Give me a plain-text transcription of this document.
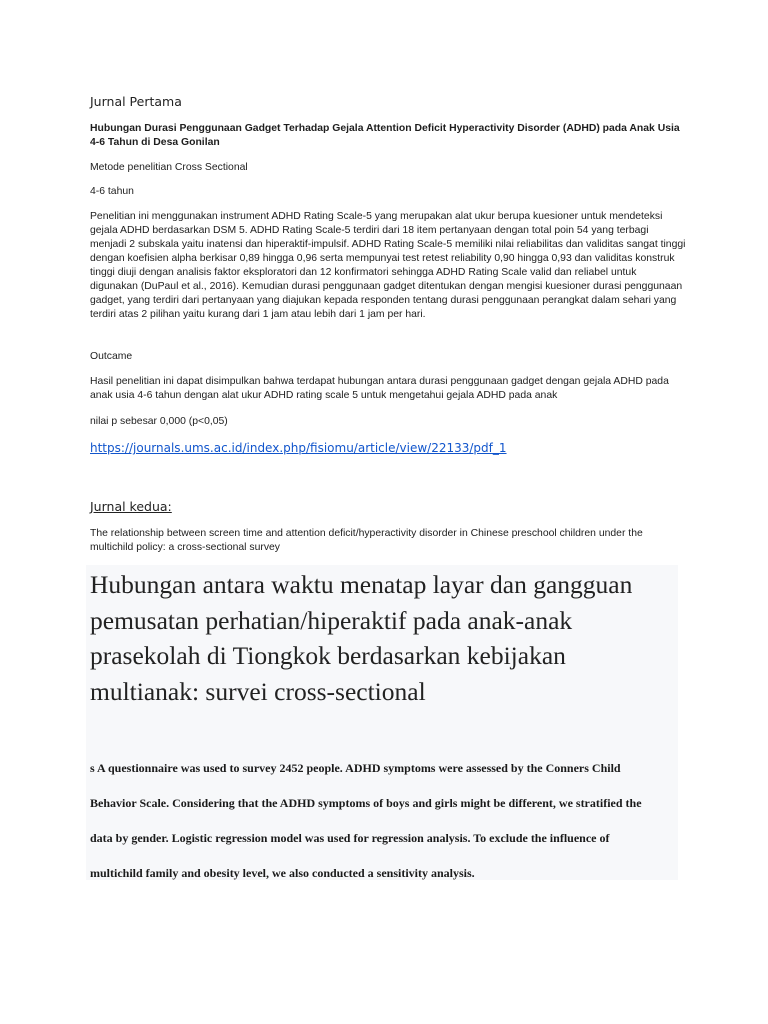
Jurnal Pertama

Hubungan Durasi Penggunaan Gadget Terhadap Gejala Attention Deficit Hyperactivity Disorder (ADHD) pada Anak Usia 4-6 Tahun di Desa Gonilan

Metode penelitian Cross Sectional

4-6 tahun

Penelitian ini menggunakan instrument ADHD Rating Scale-5 yang merupakan alat ukur berupa kuesioner untuk mendeteksi gejala ADHD berdasarkan DSM 5. ADHD Rating Scale-5 terdiri dari 18 item pertanyaan dengan total poin 54 yang terbagi menjadi 2 subskala yaitu inatensi dan hiperaktif-impulsif. ADHD Rating Scale-5 memiliki nilai reliabilitas dan validitas sangat tinggi dengan koefisien alpha berkisar 0,89 hingga 0,96 serta mempunyai test retest reliability 0,90 hingga 0,93 dan validitas konstruk tinggi diuji dengan analisis faktor eksploratori dan 12 konfirmatori sehingga ADHD Rating Scale valid dan reliabel untuk digunakan (DuPaul et al., 2016). Kemudian durasi penggunaan gadget ditentukan dengan mengisi kuesioner durasi penggunaan gadget, yang terdiri dari pertanyaan yang diajukan kepada responden tentang durasi penggunaan perangkat dalam sehari yang terdiri atas 2 pilihan yaitu kurang dari 1 jam atau lebih dari 1 jam per hari.

Outcame

Hasil penelitian ini dapat disimpulkan bahwa terdapat hubungan antara durasi penggunaan gadget dengan gejala ADHD pada anak usia 4-6 tahun dengan alat ukur ADHD rating scale 5 untuk mengetahui gejala ADHD pada anak

nilai p sebesar 0,000 (p<0,05)

https://journals.ums.ac.id/index.php/fisiomu/article/view/22133/pdf_1
Jurnal kedua:

The relationship between screen time and attention deficit/hyperactivity disorder in Chinese preschool children under the multichild policy: a cross-sectional survey

Hubungan antara waktu menatap layar dan gangguan pemusatan perhatian/hiperaktif pada anak-anak prasekolah di Tiongkok berdasarkan kebijakan multianak: survei cross-sectional

s A questionnaire was used to survey 2452 people. ADHD symptoms were assessed by the Conners Child
Behavior Scale. Considering that the ADHD symptoms of boys and girls might be different, we stratified the
data by gender. Logistic regression model was used for regression analysis. To exclude the influence of
multichild family and obesity level, we also conducted a sensitivity analysis.
